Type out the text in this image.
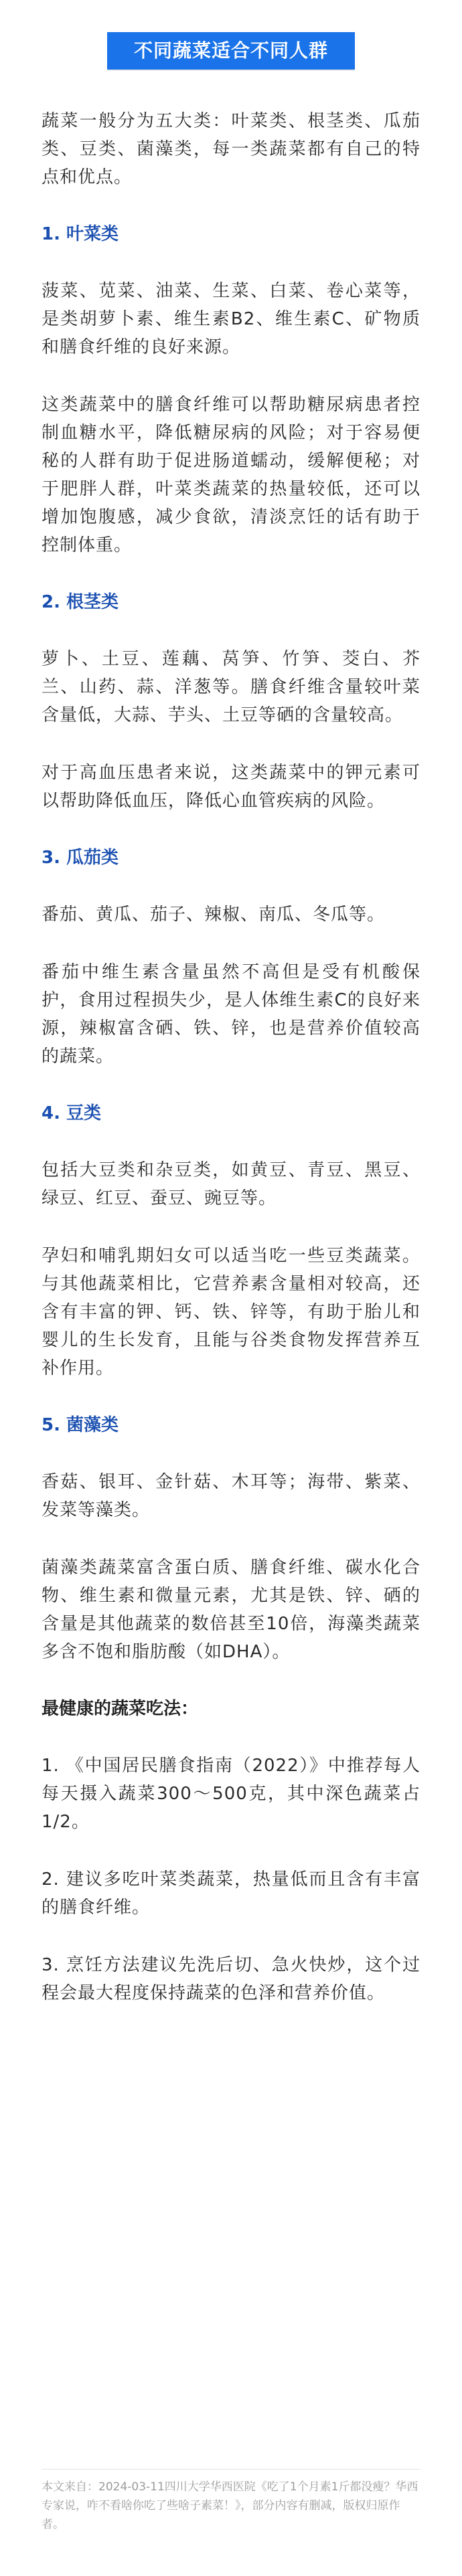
不同蔬菜适合不同人群

蔬菜一般分为五大类：叶菜类、根茎类、瓜茄类、豆类、菌藻类，每一类蔬菜都有自己的特点和优点。

1. 叶菜类

菠菜、苋菜、油菜、生菜、白菜、卷心菜等，是类胡萝卜素、维生素B2、维生素C、矿物质和膳食纤维的良好来源。

这类蔬菜中的膳食纤维可以帮助糖尿病患者控制血糖水平，降低糖尿病的风险；对于容易便秘的人群有助于促进肠道蠕动，缓解便秘；对于肥胖人群，叶菜类蔬菜的热量较低，还可以增加饱腹感，减少食欲，清淡烹饪的话有助于控制体重。

2. 根茎类

萝卜、土豆、莲藕、莴笋、竹笋、茭白、芥兰、山药、蒜、洋葱等。膳食纤维含量较叶菜含量低，大蒜、芋头、土豆等硒的含量较高。

对于高血压患者来说，这类蔬菜中的钾元素可以帮助降低血压，降低心血管疾病的风险。

3. 瓜茄类

番茄、黄瓜、茄子、辣椒、南瓜、冬瓜等。

番茄中维生素含量虽然不高但是受有机酸保护，食用过程损失少，是人体维生素C的良好来源，辣椒富含硒、铁、锌，也是营养价值较高的蔬菜。

4. 豆类

包括大豆类和杂豆类，如黄豆、青豆、黑豆、绿豆、红豆、蚕豆、豌豆等。

孕妇和哺乳期妇女可以适当吃一些豆类蔬菜。与其他蔬菜相比，它营养素含量相对较高，还含有丰富的钾、钙、铁、锌等，有助于胎儿和婴儿的生长发育，且能与谷类食物发挥营养互补作用。

5. 菌藻类

香菇、银耳、金针菇、木耳等；海带、紫菜、发菜等藻类。

菌藻类蔬菜富含蛋白质、膳食纤维、碳水化合物、维生素和微量元素，尤其是铁、锌、硒的含量是其他蔬菜的数倍甚至10倍，海藻类蔬菜多含不饱和脂肪酸（如DHA）。

最健康的蔬菜吃法：

1. 《中国居民膳食指南（2022）》中推荐每人每天摄入蔬菜300～500克，其中深色蔬菜占1/2。

2. 建议多吃叶菜类蔬菜，热量低而且含有丰富的膳食纤维。

3. 烹饪方法建议先洗后切、急火快炒，这个过程会最大程度保持蔬菜的色泽和营养价值。

本文来自：2024-03-11四川大学华西医院《吃了1个月素1斤都没瘦？华西专家说，咋不看啥你吃了些啥子素菜！》，部分内容有删减，版权归原作者。
